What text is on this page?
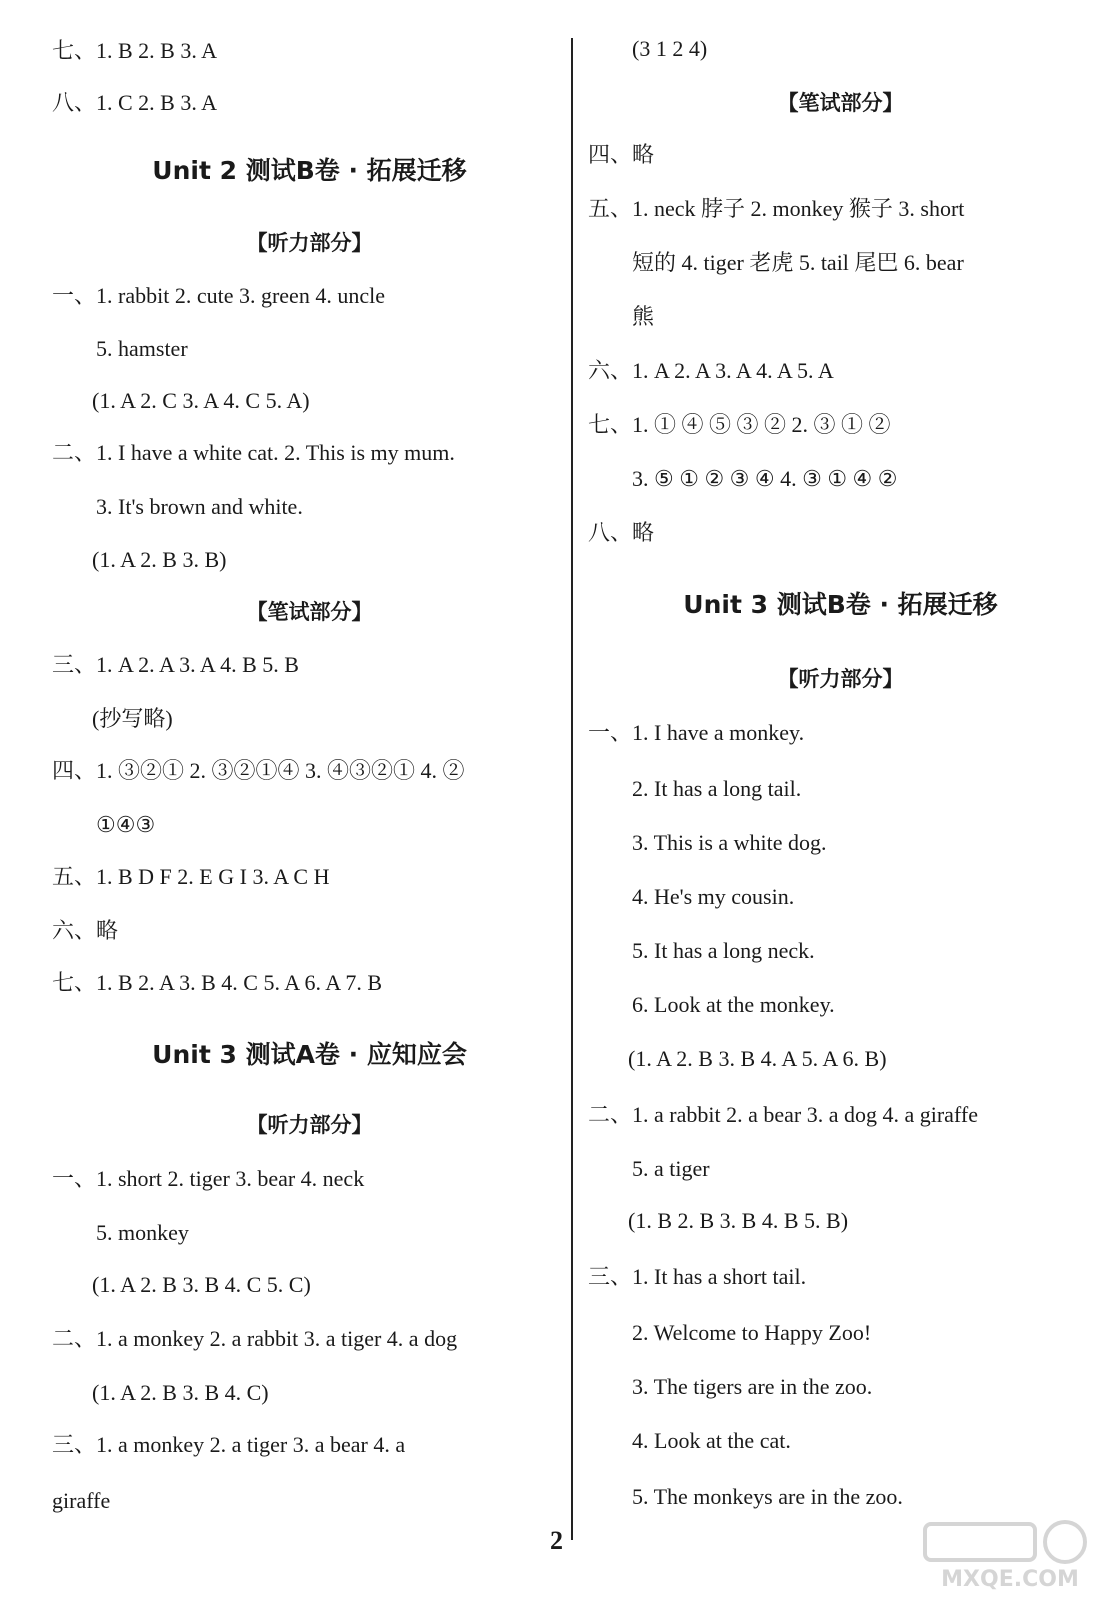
七、1. B 2. B 3. A
八、1. C 2. B 3. A
Unit 2 测试B卷 · 拓展迁移
【听力部分】
一、1. rabbit 2. cute 3. green 4. uncle
5. hamster
(1. A 2. C 3. A 4. C 5. A)
二、1. I have a white cat. 2. This is my mum.
3. It's brown and white.
(1. A 2. B 3. B)
【笔试部分】
三、1. A 2. A 3. A 4. B 5. B
(抄写略)
四、1. ③②① 2. ③②①④ 3. ④③②① 4. ②
①④③
五、1. B D F 2. E G I 3. A C H
六、略
七、1. B 2. A 3. B 4. C 5. A 6. A 7. B
Unit 3 测试A卷 · 应知应会
【听力部分】
一、1. short 2. tiger 3. bear 4. neck
5. monkey
(1. A 2. B 3. B 4. C 5. C)
二、1. a monkey 2. a rabbit 3. a tiger 4. a dog
(1. A 2. B 3. B 4. C)
三、1. a monkey 2. a tiger 3. a bear 4. a
giraffe
(3 1 2 4)
【笔试部分】
四、略
五、1. neck 脖子 2. monkey 猴子 3. short
短的 4. tiger 老虎 5. tail 尾巴 6. bear
熊
六、1. A 2. A 3. A 4. A 5. A
七、1. ① ④ ⑤ ③ ② 2. ③ ① ②
3. ⑤ ① ② ③ ④ 4. ③ ① ④ ②
八、略
Unit 3 测试B卷 · 拓展迁移
【听力部分】
一、1. I have a monkey.
2. It has a long tail.
3. This is a white dog.
4. He's my cousin.
5. It has a long neck.
6. Look at the monkey.
(1. A 2. B 3. B 4. A 5. A 6. B)
二、1. a rabbit 2. a bear 3. a dog 4. a giraffe
5. a tiger
(1. B 2. B 3. B 4. B 5. B)
三、1. It has a short tail.
2. Welcome to Happy Zoo!
3. The tigers are in the zoo.
4. Look at the cat.
5. The monkeys are in the zoo.
2
MXQE.COM
